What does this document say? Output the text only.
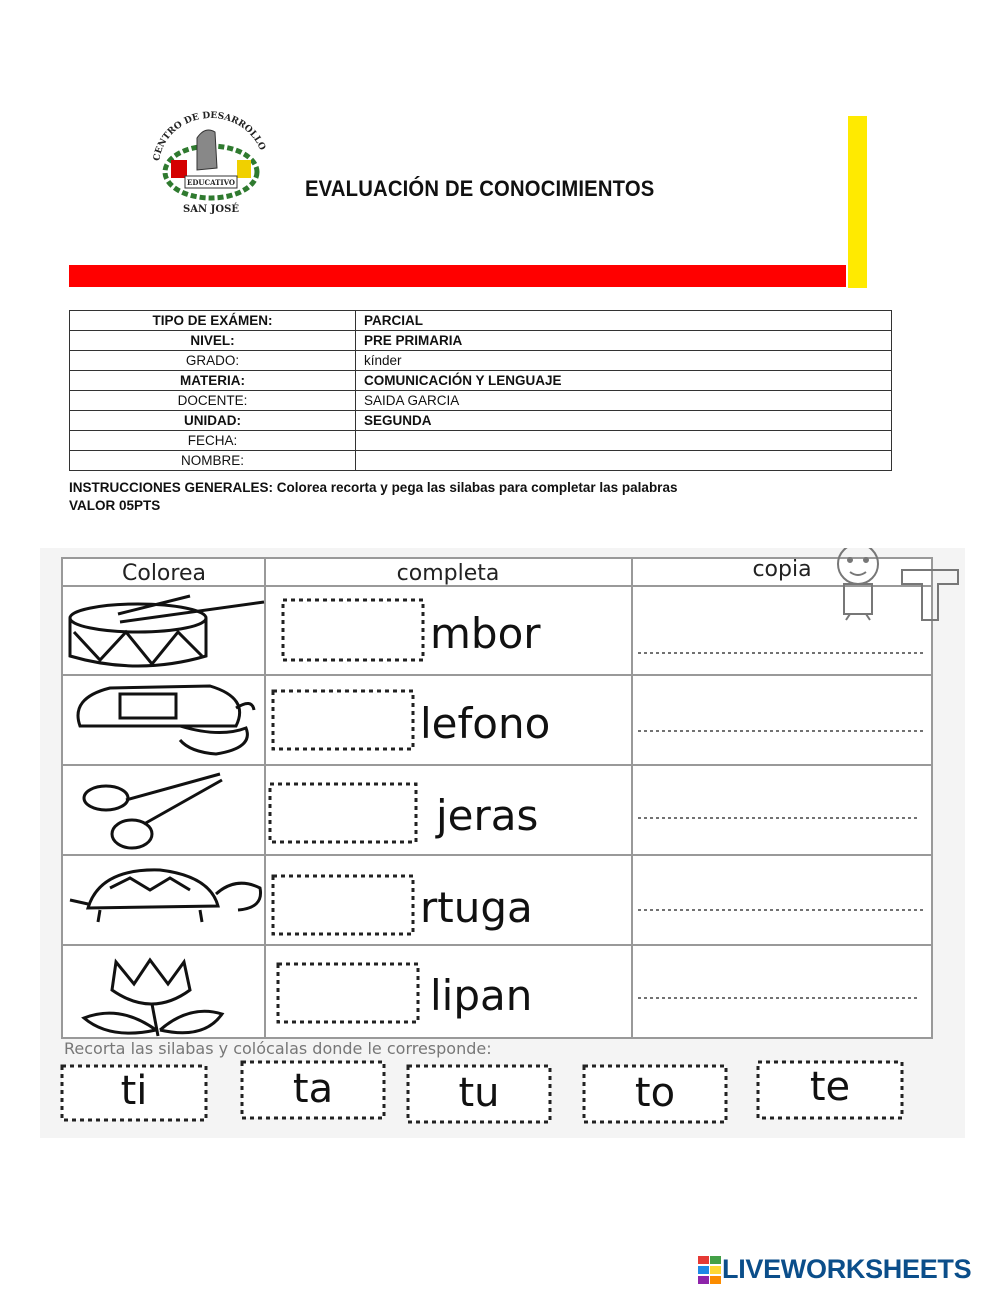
CENTRO DE DESARROLLO
EDUCATIVO
SAN JOSÉ
EVALUACIÓN DE CONOCIMIENTOS
TIPO DE EXÁMEN:	PARCIAL
NIVEL:	PRE PRIMARIA
GRADO:	kínder
MATERIA:	COMUNICACIÓN Y LENGUAJE
DOCENTE:	SAIDA GARCIA
UNIDAD:	SEGUNDA
FECHA:	
NOMBRE:	
INSTRUCCIONES GENERALES: Colorea recorta y pega las silabas para completar las palabras
VALOR 05PTS
Colorea	completa	copia
mbor
lefono
jeras
rtuga
lipan
Recorta las silabas y colócalas donde le corresponde:
ti	ta	tu	to	te
LIVEWORKSHEETS
